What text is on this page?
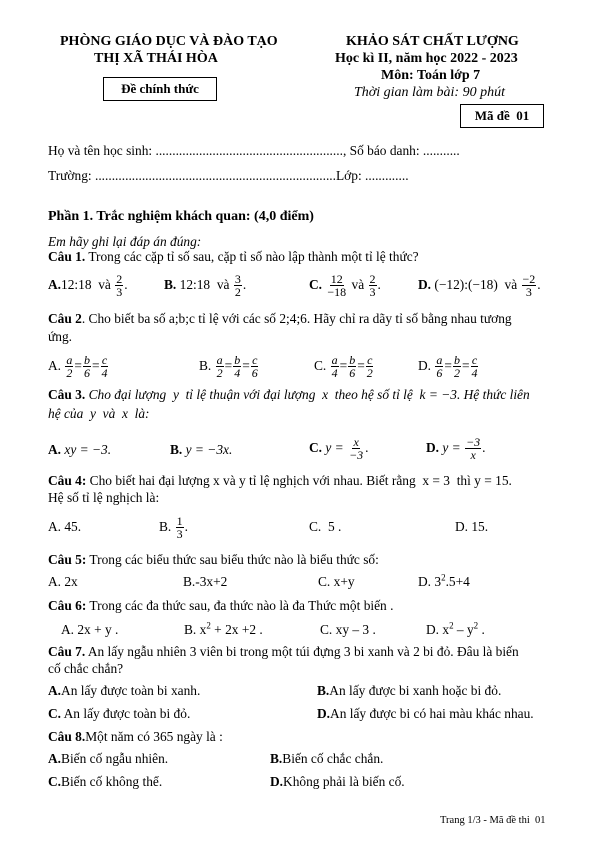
PHÒNG GIÁO DỤC VÀ ĐÀO TẠO
THỊ XÃ THÁI HÒA
Đề chính thức
KHẢO SÁT CHẤT LƯỢNG
Học kì II, năm học 2022 - 2023
Môn: Toán lớp 7
Thời gian làm bài: 90 phút
Mã đề  01
Họ và tên học sinh: ........................................................, Số báo danh: ...........
Trường: ........................................................................Lớp: .............
Phần 1. Trắc nghiệm khách quan: (4,0 điểm)
Em hãy ghi lại đáp án đúng:
Câu 1. Trong các cặp tỉ số sau, cặp tỉ số nào lập thành một tỉ lệ thức?
A. 12:18  và $\frac{2}{3}$ .	B. 12:18  và $\frac{3}{2}$ .	C.
$\frac{12}{-18}$ và $\frac{2}{3}$ .	D. (−12):(−18)  và $\frac{-2}{3}$ .
Câu 2. Cho biết ba số a;b;c tỉ lệ với các số 2;4;6. Hãy chỉ ra dãy tỉ số bằng nhau tương
ứng.
A.
$\frac{a}{2} = \frac{b}{6} = \frac{c}{4}$	B.
$\frac{a}{2} = \frac{b}{4} = \frac{c}{6}$	C.
$\frac{a}{4} = \frac{b}{6} = \frac{c}{2}$	D.
$\frac{a}{6} = \frac{b}{2} = \frac{c}{4}$
Câu 3. Cho đại lượng  y  tỉ lệ thuận với đại lượng  x  theo hệ số tỉ lệ  k = −3. Hệ thức liên
hệ của  y  và  x  là:
A. xy = −3.	B. y = −3x.	C. $y = \frac{x}{-3}$ .	D. $y = \frac{-3}{x}$ .
Câu 4: Cho biết hai đại lượng x và y tỉ lệ nghịch với nhau. Biết rằng  x = 3  thì y = 15.
Hệ số tỉ lệ nghịch là:
A. 45.	B. $\frac{1}{3}$ .	C.  5 .	D. 15.
Câu 5: Trong các biểu thức sau biểu thức nào là biểu thức số:
A. 2x	B.-3x+2	C. x+y	D. $3^2.5+4$
Câu 6: Trong các đa thức sau, đa thức nào là đa Thức một biến .
A. 2x + y .	B. $x^2 + 2x +2$ .	C. xy – 3 .	D. $x^2 - y^2$ .
Câu 7. An lấy ngẫu nhiên 3 viên bi trong một túi đựng 3 bi xanh và 2 bi đỏ. Đâu là biến
cố chắc chắn?
A.An lấy được toàn bi xanh.	B.An lấy được bi xanh hoặc bi đỏ.
C. An lấy được toàn bi đỏ.	D.An lấy được bi có hai màu khác nhau.
Câu 8.Một năm có 365 ngày là :
A.Biến cố ngẫu nhiên.	B.Biến cố chắc chắn.
C.Biến cố không thể.	D.Không phải là biến cố.
Trang 1/3 - Mã đề thi  01
